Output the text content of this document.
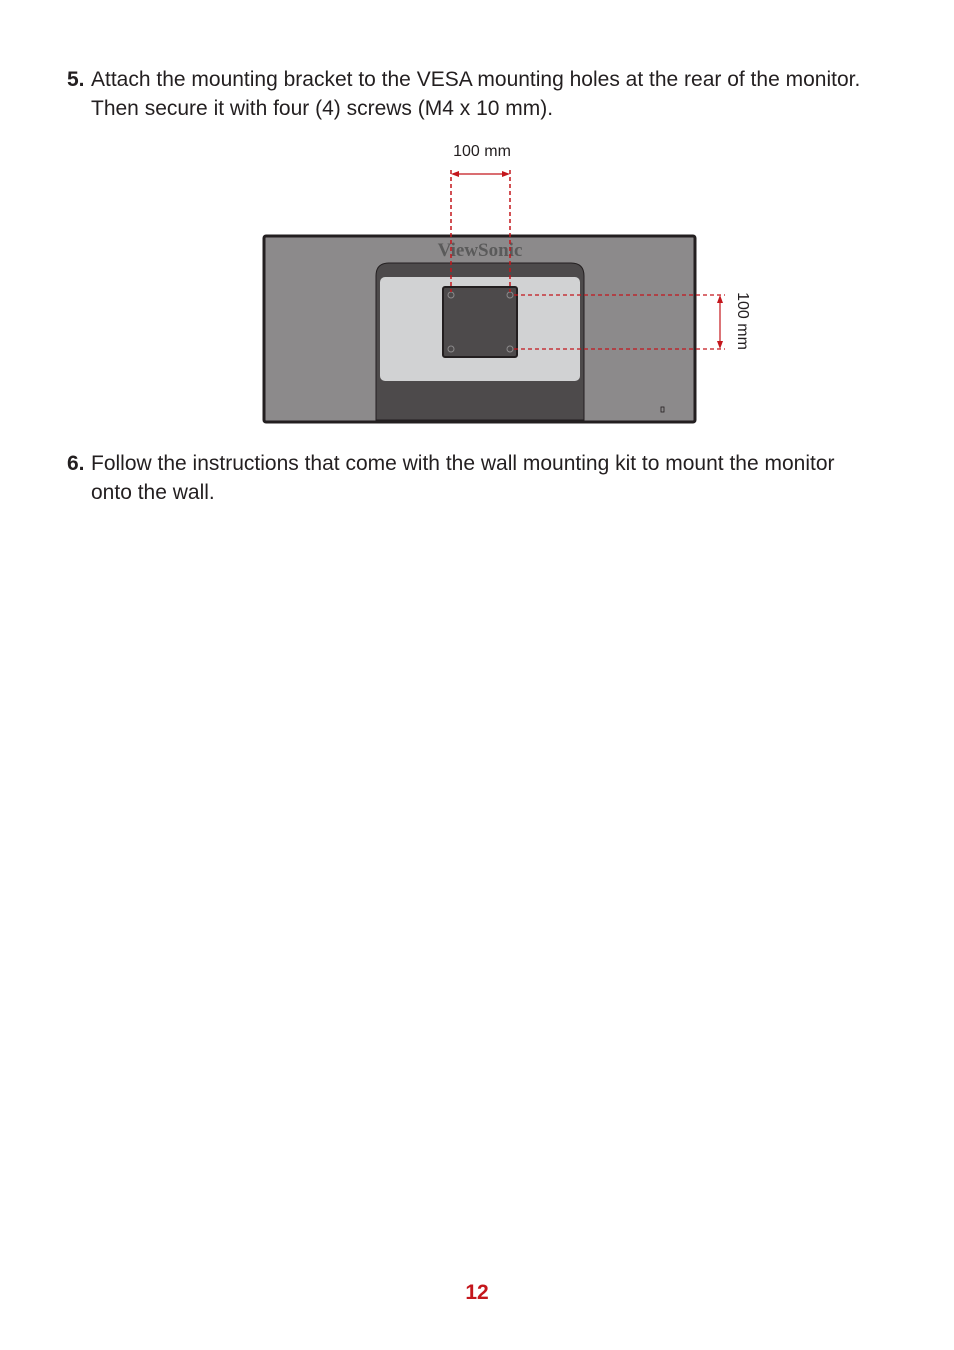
5. Attach the mounting bracket to the VESA mounting holes at the rear of the monitor. Then secure it with four (4) screws (M4 x 10 mm).
ViewSonic
100 mm
100 mm
6. Follow the instructions that come with the wall mounting kit to mount the monitor onto the wall.
12
